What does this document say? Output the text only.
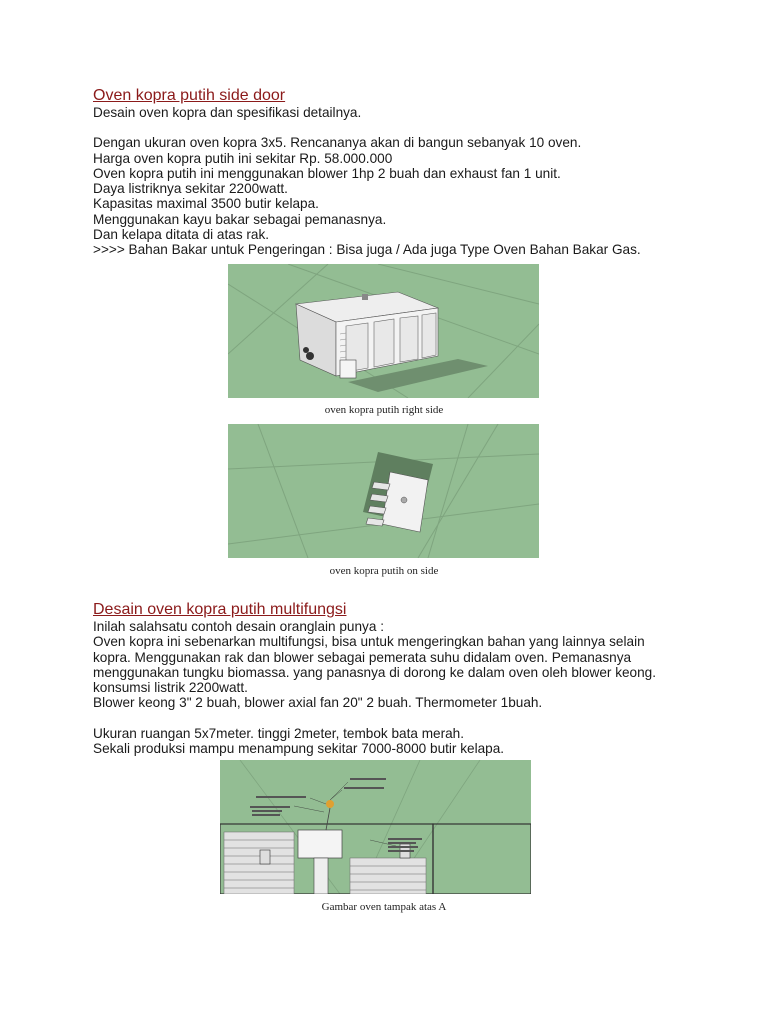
Oven kopra putih side door

Desain oven kopra dan spesifikasi detailnya.

Dengan ukuran oven kopra 3x5. Rencananya akan di bangun sebanyak 10 oven.

Harga oven kopra putih ini sekitar Rp. 58.000.000

Oven kopra putih ini menggunakan blower 1hp 2 buah dan exhaust fan 1 unit.

Daya listriknya sekitar 2200watt.

Kapasitas maximal 3500 butir kelapa.

Menggunakan kayu bakar sebagai pemanasnya.

Dan kelapa ditata di atas rak.

>>>> Bahan Bakar untuk Pengeringan : Bisa juga / Ada juga Type Oven Bahan Bakar Gas.

oven kopra putih right side
oven kopra putih on side

Desain oven kopra putih multifungsi

Inilah salahsatu contoh desain oranglain punya :

Oven kopra ini sebenarkan multifungsi, bisa untuk mengeringkan bahan yang lainnya selain kopra. Menggunakan rak dan blower sebagai pemerata suhu didalam oven. Pemanasnya menggunakan tungku biomassa. yang panasnya di dorong ke dalam oven oleh blower keong. konsumsi listrik 2200watt.

Blower keong 3" 2 buah, blower axial fan 20" 2 buah. Thermometer 1buah.

Ukuran ruangan 5x7meter. tinggi 2meter, tembok bata merah.

Sekali produksi mampu menampung sekitar 7000-8000 butir kelapa.

Gambar oven tampak atas A
